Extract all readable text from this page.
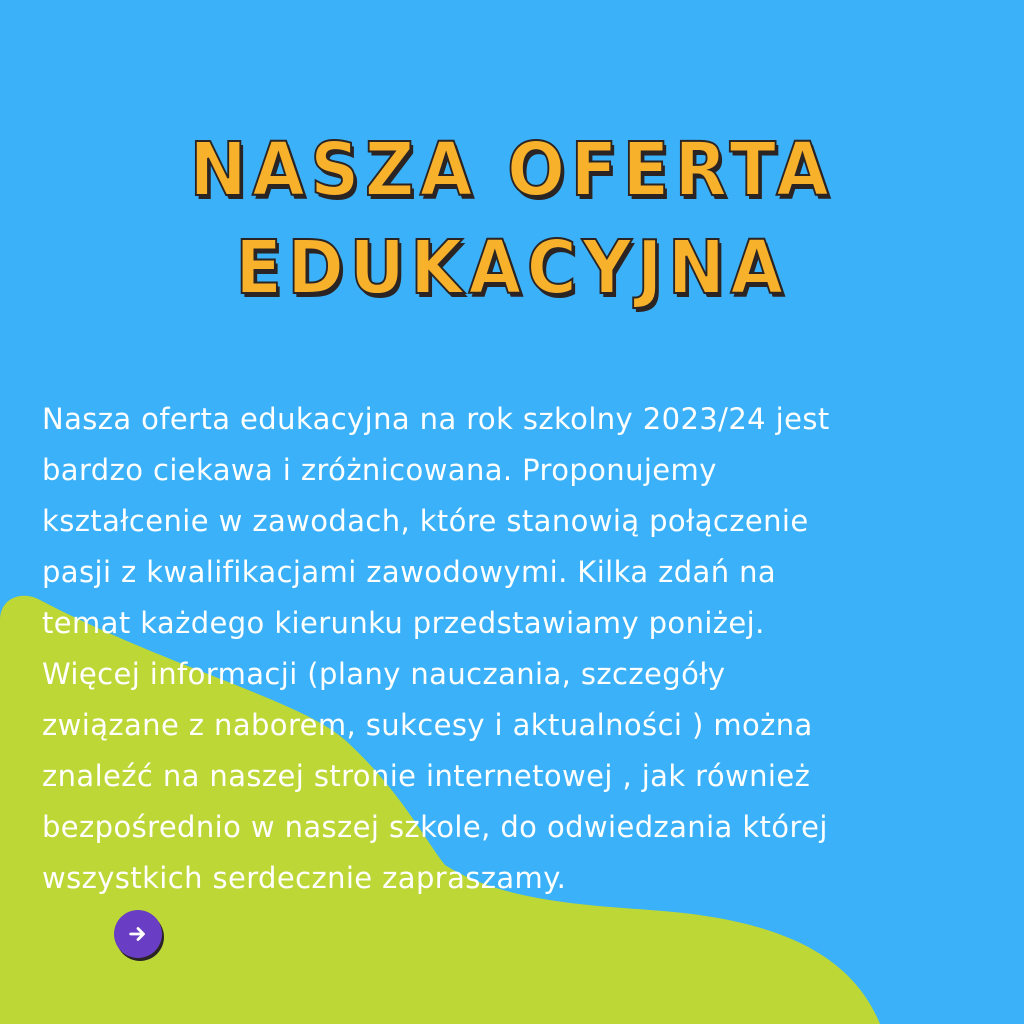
NASZA OFERTA
EDUKACYJNA

Nasza oferta edukacyjna na rok szkolny 2023/24 jest
bardzo ciekawa i zróżnicowana. Proponujemy
kształcenie w zawodach, które stanowią połączenie
pasji z kwalifikacjami zawodowymi. Kilka zdań na
temat każdego kierunku przedstawiamy poniżej.
Więcej informacji (plany nauczania, szczegóły
związane z naborem, sukcesy i aktualności ) można
znaleźć na naszej stronie internetowej , jak również
bezpośrednio w naszej szkole, do odwiedzania której
wszystkich serdecznie zapraszamy.
